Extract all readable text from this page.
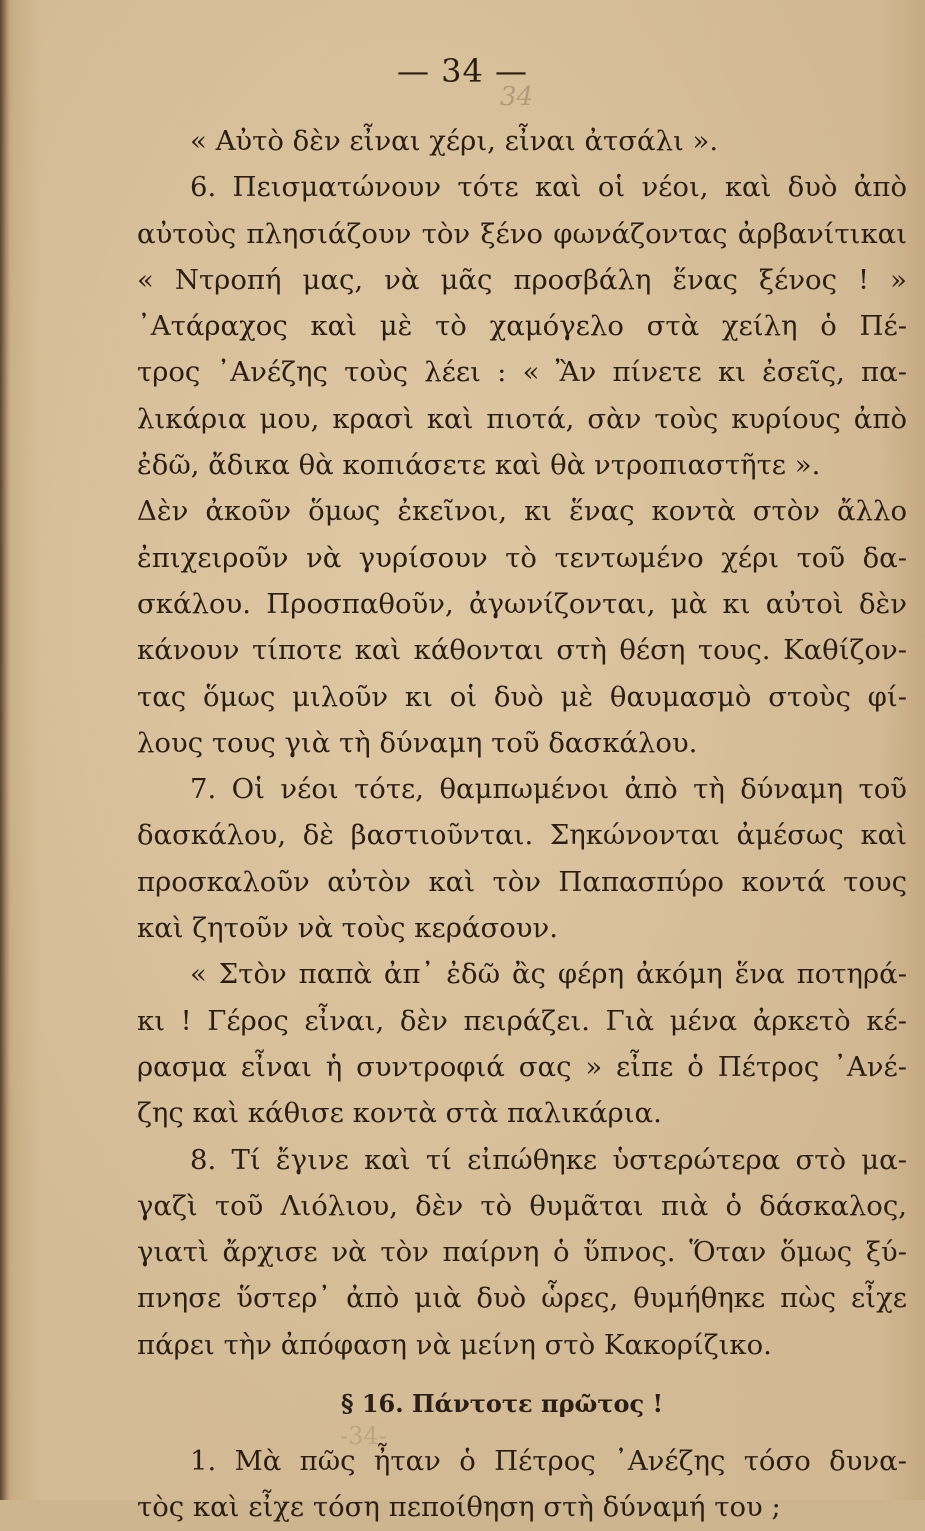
— 34 —
34
« Αὐτὸ δὲν εἶναι χέρι, εἶναι ἀτσάλι ».
6. Πεισματώνουν τότε καὶ οἱ νέοι, καὶ δυὸ ἀπὸ
αὐτοὺς πλησιάζουν τὸν ξένο φωνάζοντας ἀρβανίτικαι
« Ντροπή μας, νὰ μᾶς προσβάλη ἕνας ξένος ! »
᾿Ατάραχος καὶ μὲ τὸ χαμόγελο στὰ χείλη ὁ Πέ-
τρος ᾿Ανέζης τοὺς λέει : « Ἂν πίνετε κι ἐσεῖς, πα-
λικάρια μου, κρασὶ καὶ πιοτά, σὰν τοὺς κυρίους ἀπὸ
ἐδῶ, ἄδικα θὰ κοπιάσετε καὶ θὰ ντροπιαστῆτε ».
Δὲν ἀκοῦν ὅμως ἐκεῖνοι, κι ἕνας κοντὰ στὸν ἄλλο
ἐπιχειροῦν νὰ γυρίσουν τὸ τεντωμένο χέρι τοῦ δα-
σκάλου. Προσπαθοῦν, ἀγωνίζονται, μὰ κι αὐτοὶ δὲν
κάνουν τίποτε καὶ κάθονται στὴ θέση τους. Καθίζον-
τας ὅμως μιλοῦν κι οἱ δυὸ μὲ θαυμασμὸ στοὺς φί-
λους τους γιὰ τὴ δύναμη τοῦ δασκάλου.
7. Οἱ νέοι τότε, θαμπωμένοι ἀπὸ τὴ δύναμη τοῦ
δασκάλου, δὲ βαστιοῦνται. Σηκώνονται ἀμέσως καὶ
προσκαλοῦν αὐτὸν καὶ τὸν Παπασπύρο κοντά τους
καὶ ζητοῦν νὰ τοὺς κεράσουν.
« Στὸν παπὰ ἀπ᾿ ἐδῶ ἂς φέρη ἀκόμη ἕνα ποτηρά-
κι ! Γέρος εἶναι, δὲν πειράζει. Γιὰ μένα ἀρκετὸ κέ-
ρασμα εἶναι ἡ συντροφιά σας » εἶπε ὁ Πέτρος ᾿Ανέ-
ζης καὶ κάθισε κοντὰ στὰ παλικάρια.
8. Τί ἔγινε καὶ τί εἰπώθηκε ὑστερώτερα στὸ μα-
γαζὶ τοῦ Λιόλιου, δὲν τὸ θυμᾶται πιὰ ὁ δάσκαλος,
γιατὶ ἄρχισε νὰ τὸν παίρνη ὁ ὕπνος. Ὅταν ὅμως ξύ-
πνησε ὕστερ᾿ ἀπὸ μιὰ δυὸ ὧρες, θυμήθηκε πὼς εἶχε
πάρει τὴν ἀπόφαση νὰ μείνη στὸ Κακορίζικο.
§ 16. Πάντοτε πρῶτος !
1. Μὰ πῶς ἦταν ὁ Πέτρος ᾿Ανέζης τόσο δυνα-
τὸς καὶ εἶχε τόση πεποίθηση στὴ δύναμή του ;
-34-
